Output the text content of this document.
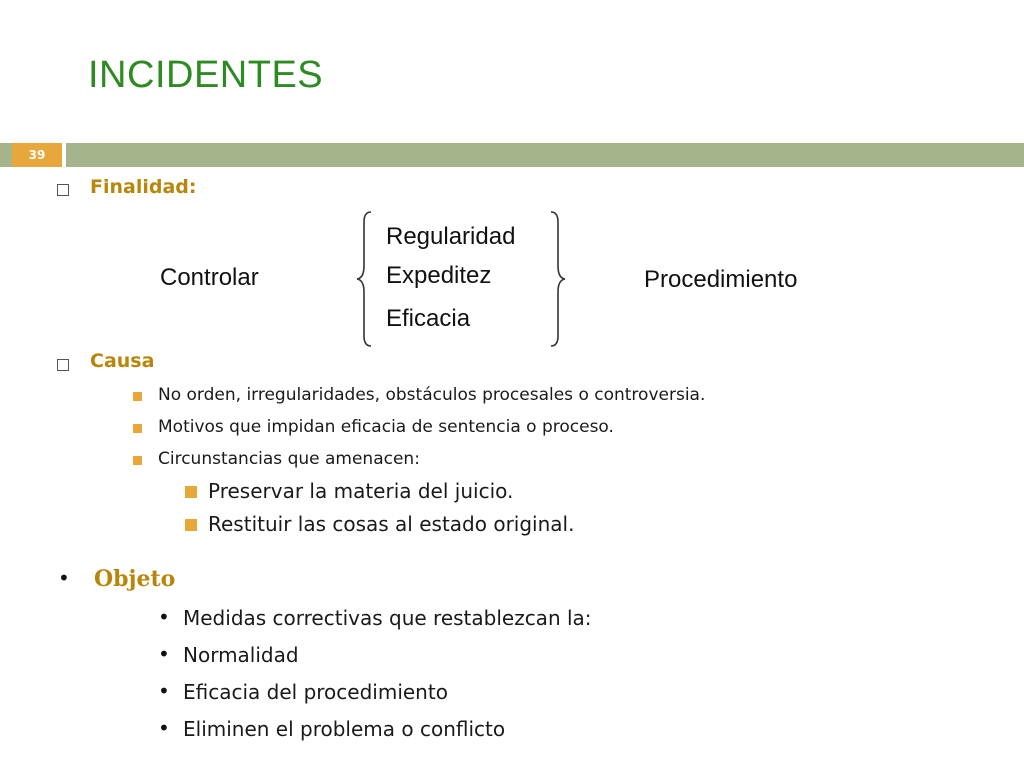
INCIDENTES
39
Finalidad:
Controlar
Regularidad
Expeditez
Eficacia
Procedimiento
Causa
No orden, irregularidades, obstáculos procesales o controversia.
Motivos que impidan eficacia de sentencia o proceso.
Circunstancias que amenacen:
Preservar la materia del juicio.
Restituir las cosas al estado original.
• Objeto
• Medidas correctivas que restablezcan la:
• Normalidad
• Eficacia del procedimiento
• Eliminen el problema o conflicto
